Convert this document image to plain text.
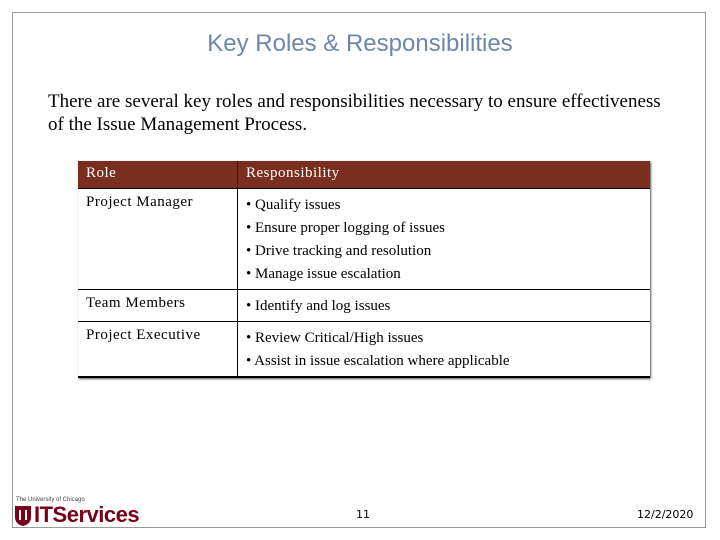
Key Roles & Responsibilities
There are several key roles and responsibilities necessary to ensure effectiveness of the Issue Management Process.
Role	Responsibility
Project Manager	• Qualify issues
• Ensure proper logging of issues
• Drive tracking and resolution
• Manage issue escalation

Team Members	• Identify and log issues

Project Executive	• Review Critical/High issues
• Assist in issue escalation where applicable
The University of Chicago
ITServices	11	12/2/2020
